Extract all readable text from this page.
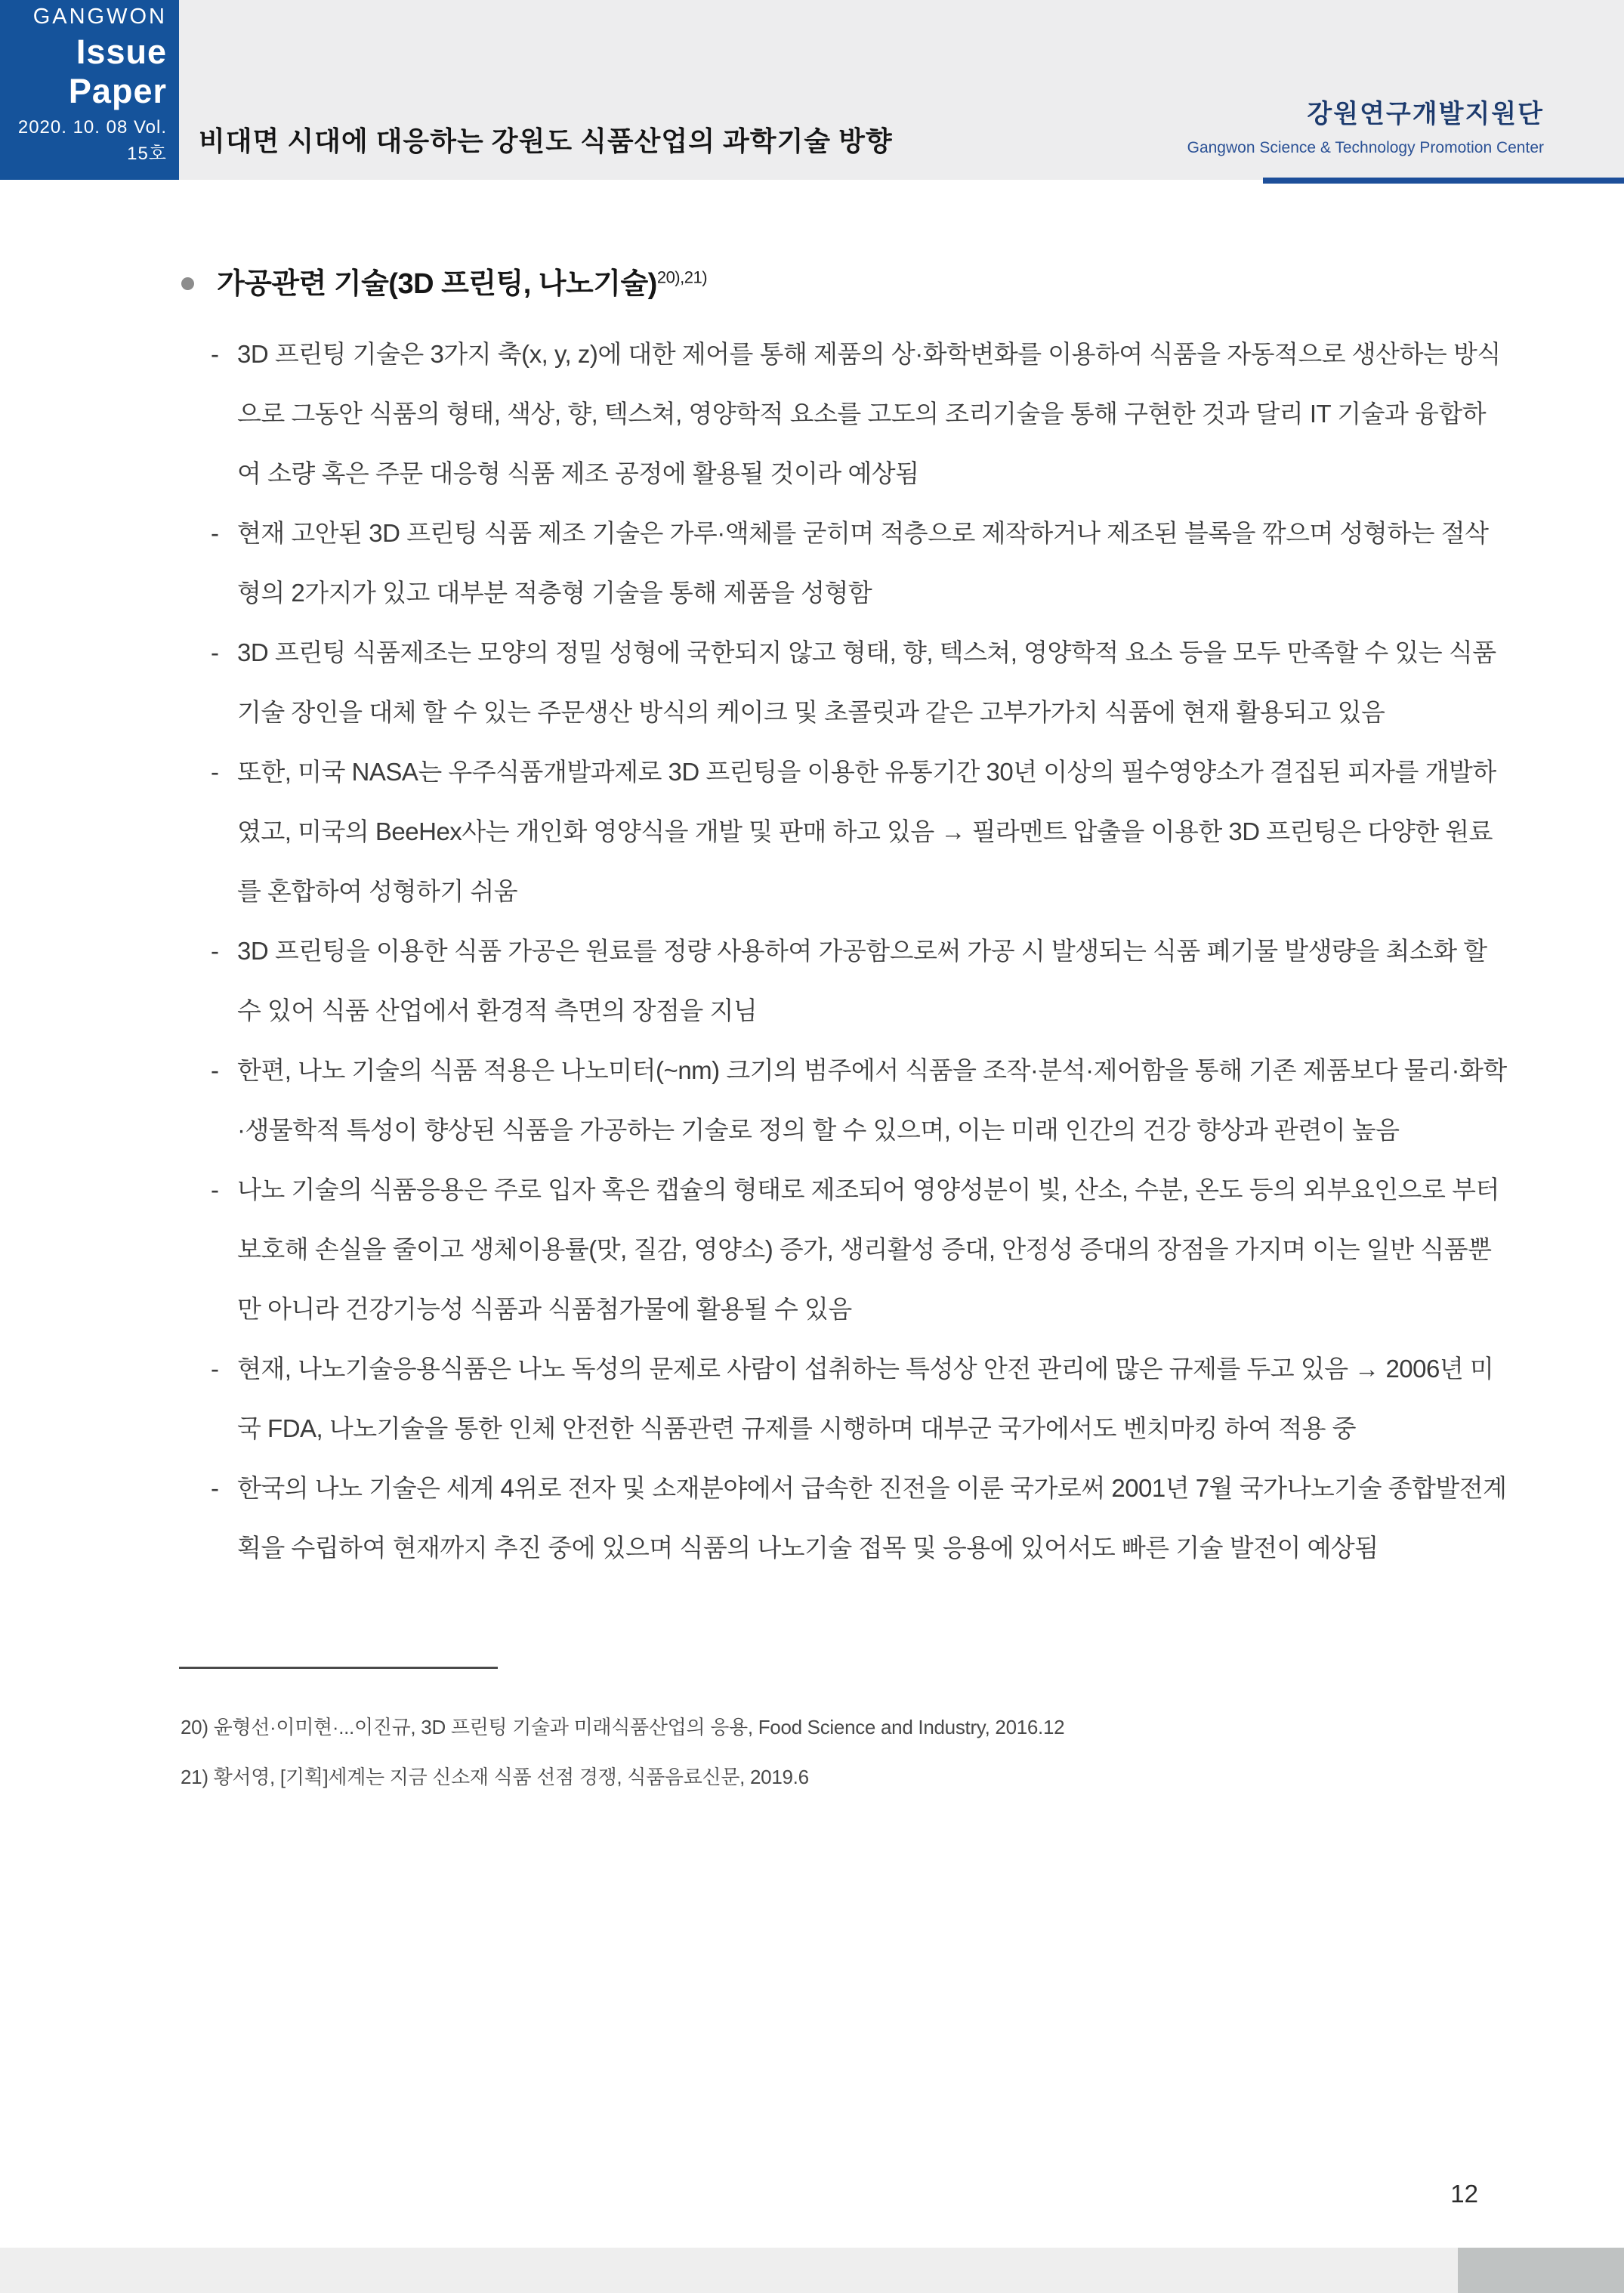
GANGWON
Issue Paper
2020. 10. 08 Vol. 15호 비대면 시대에 대응하는 강원도 식품산업의 과학기술 방향
강원연구개발지원단
Gangwon Science & Technology Promotion Center
가공관련 기술(3D 프린팅, 나노기술)$^{20),21)}$
- 3D 프린팅 기술은 3가지 축(x, y, z)에 대한 제어를 통해 제품의 상·화학변화를 이용하여 식품을 자동적으로 생산하는 방식으로 그동안 식품의 형태, 색상, 향, 텍스쳐, 영양학적 요소를 고도의 조리기술을 통해 구현한 것과 달리 IT 기술과 융합하여 소량 혹은 주문 대응형 식품 제조 공정에 활용될 것이라 예상됨
- 현재 고안된 3D 프린팅 식품 제조 기술은 가루·액체를 굳히며 적층으로 제작하거나 제조된 블록을 깎으며 성형하는 절삭형의 2가지가 있고 대부분 적층형 기술을 통해 제품을 성형함
- 3D 프린팅 식품제조는 모양의 정밀 성형에 국한되지 않고 형태, 향, 텍스쳐, 영양학적 요소 등을 모두 만족할 수 있는 식품 기술 장인을 대체 할 수 있는 주문생산 방식의 케이크 및 초콜릿과 같은 고부가가치 식품에 현재 활용되고 있음
- 또한, 미국 NASA는 우주식품개발과제로 3D 프린팅을 이용한 유통기간 30년 이상의 필수영양소가 결집된 피자를 개발하였고, 미국의 BeeHex사는 개인화 영양식을 개발 및 판매 하고 있음 → 필라멘트 압출을 이용한 3D 프린팅은 다양한 원료를 혼합하여 성형하기 쉬움
- 3D 프린팅을 이용한 식품 가공은 원료를 정량 사용하여 가공함으로써 가공 시 발생되는 식품 폐기물 발생량을 최소화 할 수 있어 식품 산업에서 환경적 측면의 장점을 지님
- 한편, 나노 기술의 식품 적용은 나노미터(~nm) 크기의 범주에서 식품을 조작·분석·제어함을 통해 기존 제품보다 물리·화학·생물학적 특성이 향상된 식품을 가공하는 기술로 정의 할 수 있으며, 이는 미래 인간의 건강 향상과 관련이 높음
- 나노 기술의 식품응용은 주로 입자 혹은 캡슐의 형태로 제조되어 영양성분이 빛, 산소, 수분, 온도 등의 외부요인으로 부터 보호해 손실을 줄이고 생체이용률(맛, 질감, 영양소) 증가, 생리활성 증대, 안정성 증대의 장점을 가지며 이는 일반 식품뿐만 아니라 건강기능성 식품과 식품첨가물에 활용될 수 있음
- 현재, 나노기술응용식품은 나노 독성의 문제로 사람이 섭취하는 특성상 안전 관리에 많은 규제를 두고 있음 → 2006년 미국 FDA, 나노기술을 통한 인체 안전한 식품관련 규제를 시행하며 대부군 국가에서도 벤치마킹 하여 적용 중
- 한국의 나노 기술은 세계 4위로 전자 및 소재분야에서 급속한 진전을 이룬 국가로써 2001년 7월 국가나노기술 종합발전계획을 수립하여 현재까지 추진 중에 있으며 식품의 나노기술 접목 및 응용에 있어서도 빠른 기술 발전이 예상됨
20) 윤형선·이미현·...이진규, 3D 프린팅 기술과 미래식품산업의 응용, Food Science and Industry, 2016.12
21) 황서영, [기획]세계는 지금 신소재 식품 선점 경쟁, 식품음료신문, 2019.6
12
